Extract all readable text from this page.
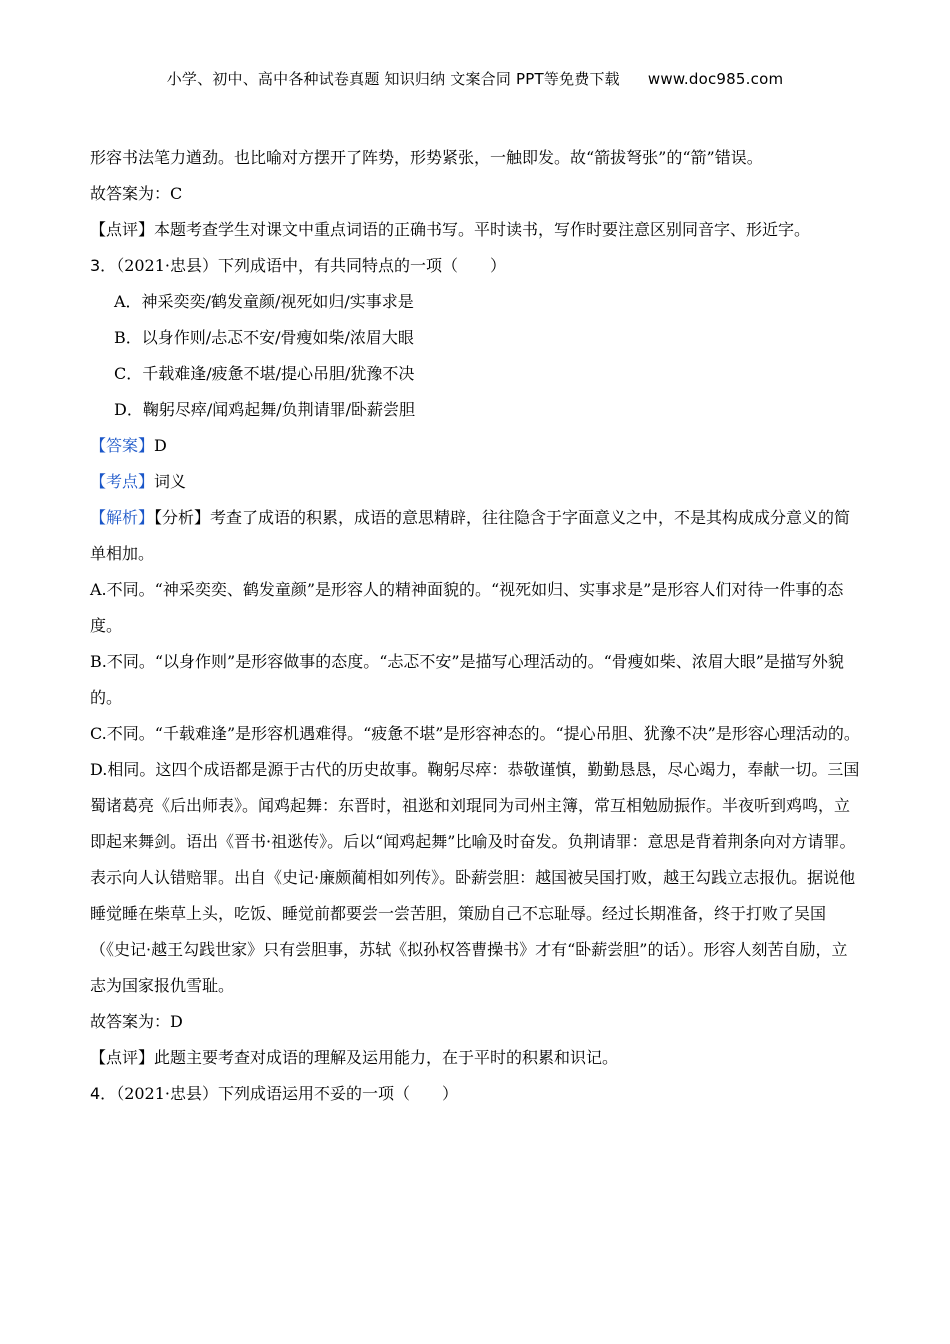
小学、初中、高中各种试卷真题 知识归纳 文案合同 PPT等免费下载 www.doc985.com

形容书法笔力遒劲。也比喻对方摆开了阵势，形势紧张，一触即发。故“箭拔弩张”的“箭”错误。

故答案为：C

【点评】本题考查学生对课文中重点词语的正确书写。平时读书，写作时要注意区别同音字、形近字。

3．（2021·忠县）下列成语中，有共同特点的一项（　　）

A．神采奕奕/鹤发童颜/视死如归/实事求是

B．以身作则/忐忑不安/骨瘦如柴/浓眉大眼

C．千载难逢/疲惫不堪/提心吊胆/犹豫不决

D．鞠躬尽瘁/闻鸡起舞/负荆请罪/卧薪尝胆

【答案】D

【考点】词义

【解析】【分析】考查了成语的积累，成语的意思精辟，往往隐含于字面意义之中，不是其构成成分意义的简单相加。

A.不同。“神采奕奕、鹤发童颜”是形容人的精神面貌的。“视死如归、实事求是”是形容人们对待一件事的态度。

B.不同。“以身作则”是形容做事的态度。“忐忑不安”是描写心理活动的。“骨瘦如柴、浓眉大眼”是描写外貌的。

C.不同。“千载难逢”是形容机遇难得。“疲惫不堪”是形容神态的。“提心吊胆、犹豫不决”是形容心理活动的。

D.相同。这四个成语都是源于古代的历史故事。鞠躬尽瘁：恭敬谨慎，勤勤恳恳，尽心竭力，奉献一切。三国蜀诸葛亮《后出师表》。闻鸡起舞：东晋时，祖逖和刘琨同为司州主簿，常互相勉励振作。半夜听到鸡鸣，立即起来舞剑。语出《晋书·祖逖传》。后以“闻鸡起舞”比喻及时奋发。负荆请罪：意思是背着荆条向对方请罪。表示向人认错赔罪。出自《史记·廉颇蔺相如列传》。卧薪尝胆：越国被吴国打败，越王勾践立志报仇。据说他睡觉睡在柴草上头，吃饭、睡觉前都要尝一尝苦胆，策励自己不忘耻辱。经过长期准备，终于打败了吴国（《史记·越王勾践世家》只有尝胆事，苏轼《拟孙权答曹操书》才有“卧薪尝胆”的话）。形容人刻苦自励，立志为国家报仇雪耻。

故答案为：D

【点评】此题主要考查对成语的理解及运用能力，在于平时的积累和识记。

4．（2021·忠县）下列成语运用不妥的一项（　　）
